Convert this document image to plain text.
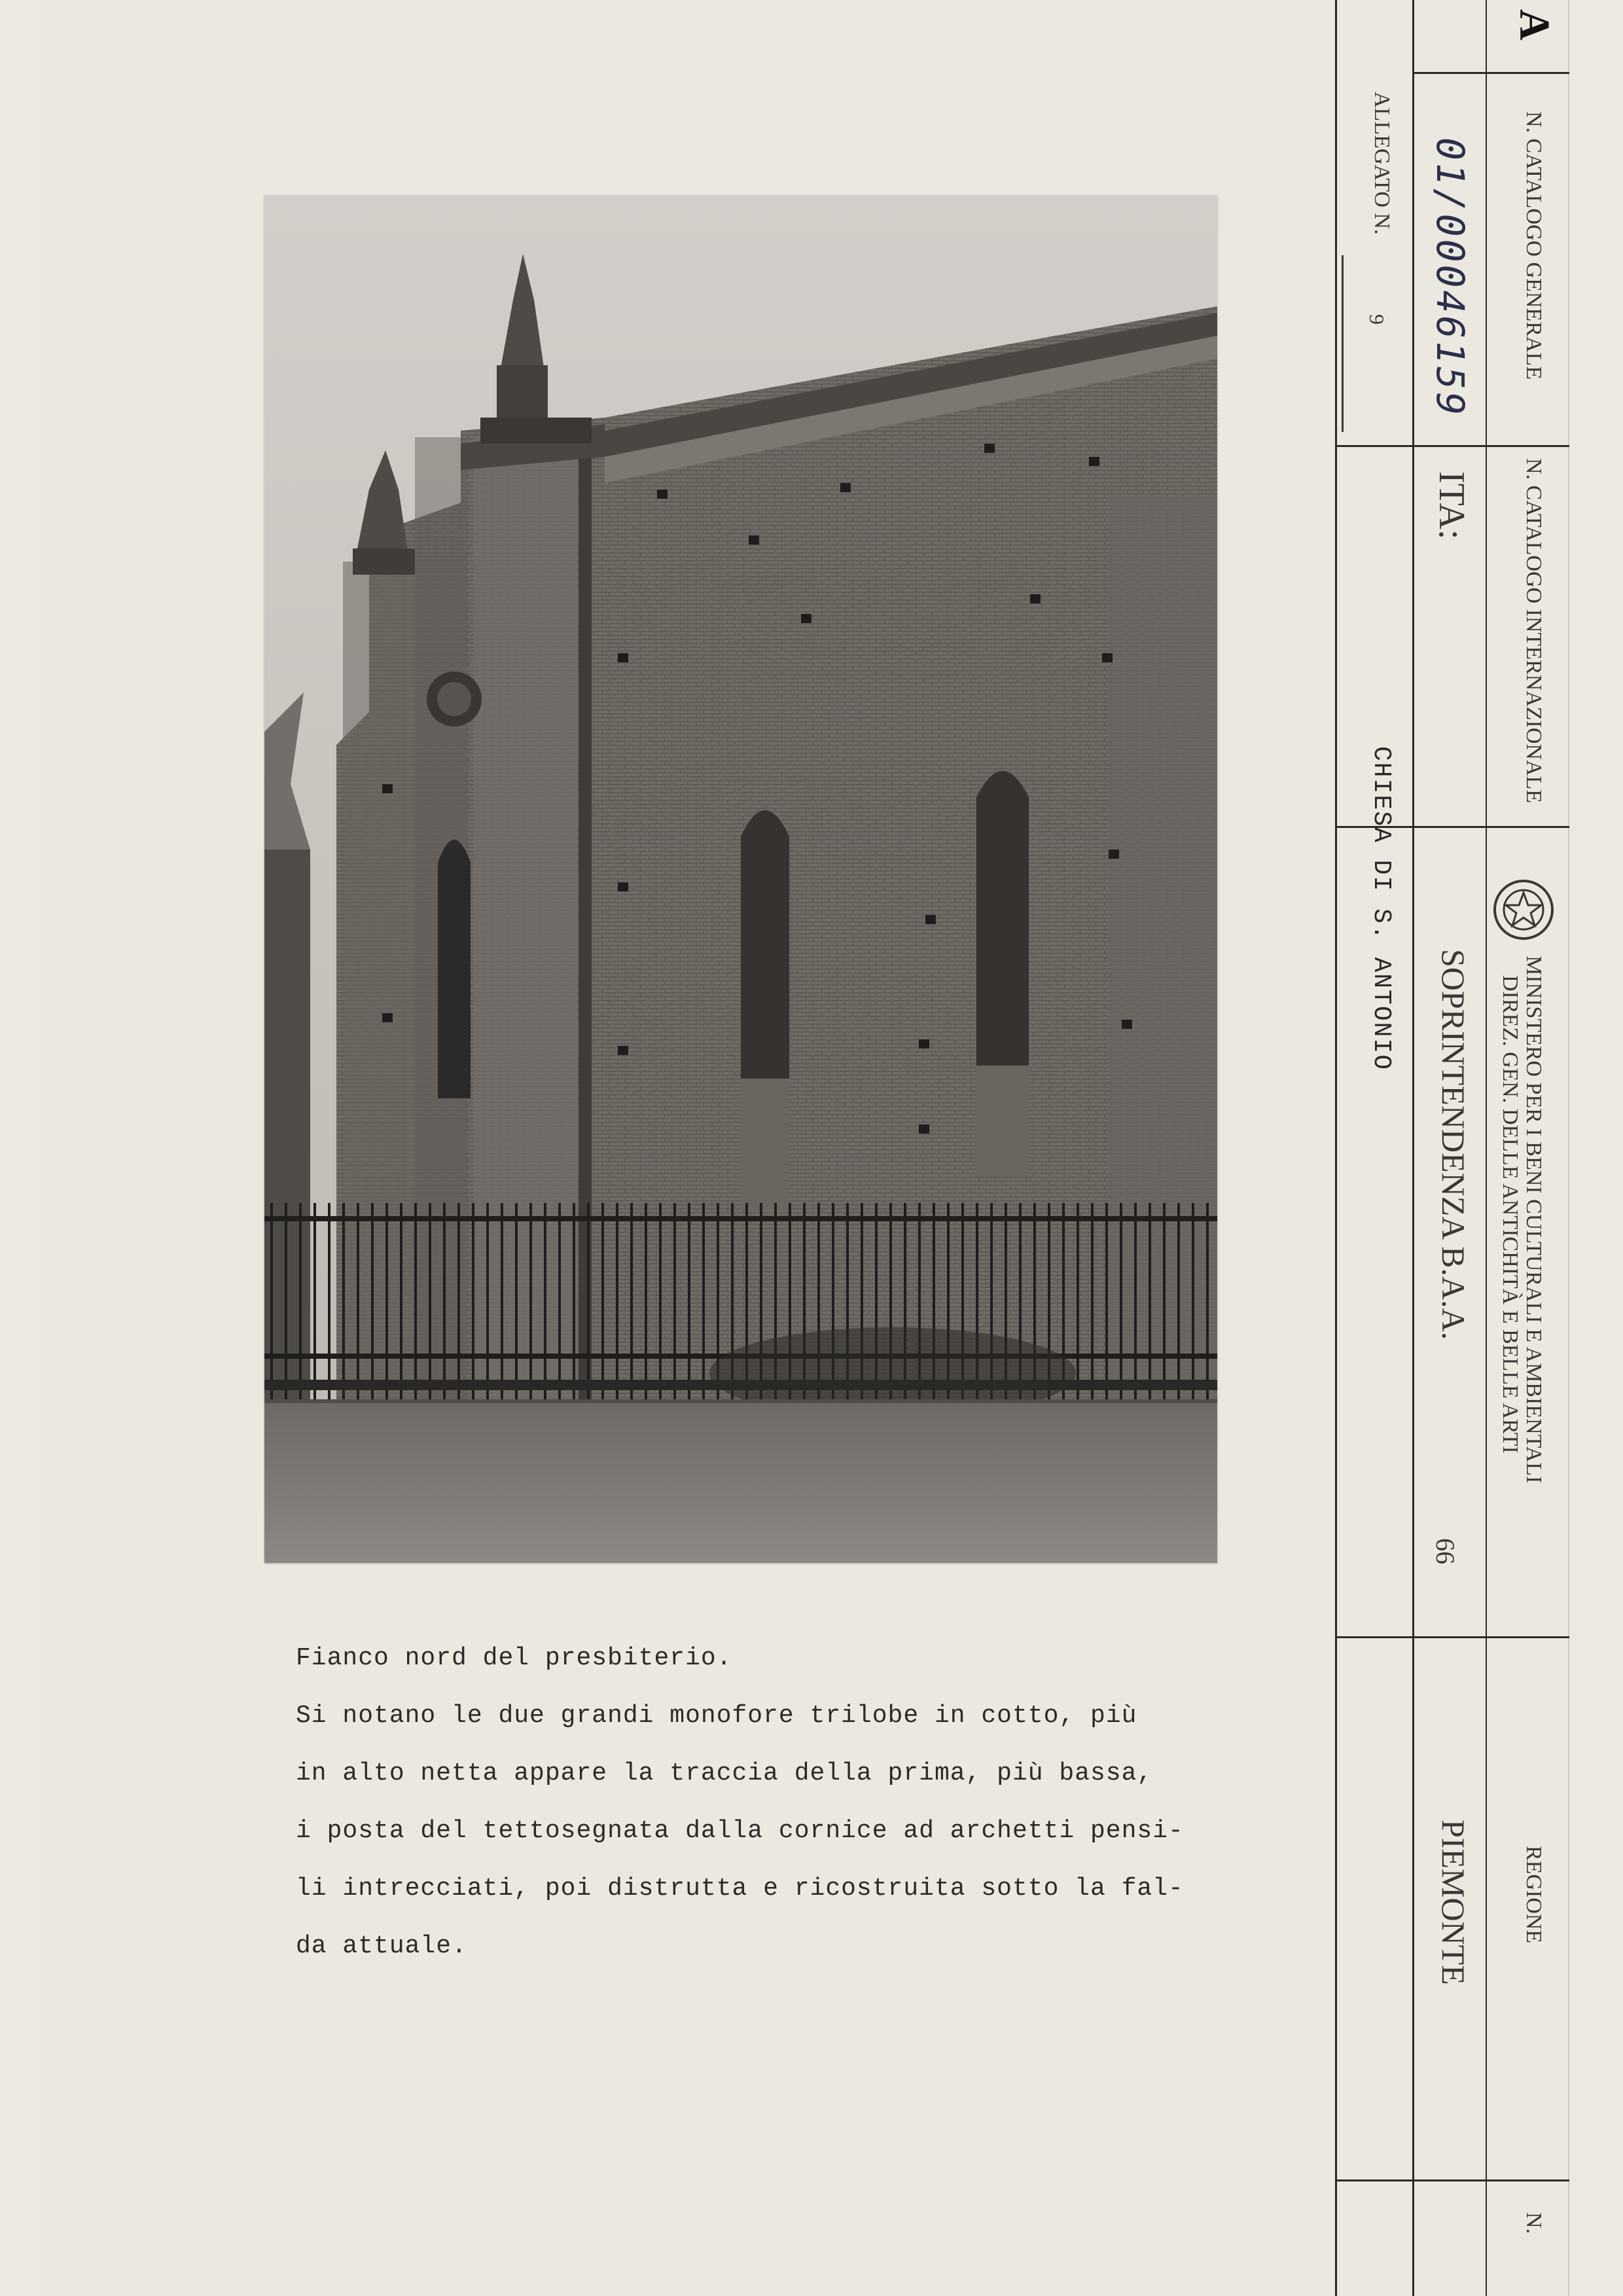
Fianco nord del presbiterio.

Si notano le due grandi monofore trilobe in cotto, più

in alto netta appare la traccia della prima, più bassa,

i posta del tettosegnata dalla cornice ad archetti pensi-

li intrecciati, poi distrutta e ricostruita sotto la fal-

da attuale.

A
N. CATALOGO GENERALE
N. CATALOGO INTERNAZIONALE
MINISTERO PER I BENI CULTURALI E AMBIENTALI
DIREZ. GEN. DELLE ANTICHITÀ E BELLE ARTI
REGIONE
N.
01/00046159
ITA:
SOPRINTENDENZA B.A.A.
66
PIEMONTE
ALLEGATO N.
9
CHIESA DI S. ANTONIO
